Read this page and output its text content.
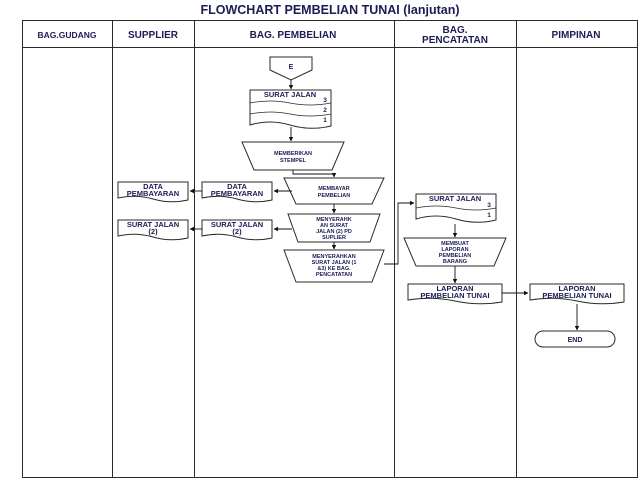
FLOWCHART PEMBELIAN TUNAI (lanjutan)
BAG.GUDANG	SUPPLIER	BAG. PEMBELIAN	BAG.
PENCATATAN	PIMPINAN
E
SURAT JALAN
3
2
1
MEMBERIKAN
STEMPEL
MEMBAYAR
PEMBELIAN
DATA
PEMBAYARAN
DATA
PEMBAYARAN
MENYERAHK
AN SURAT
JALAN (2) PD
SUPLIER
SURAT JALAN
(2)
SURAT JALAN
(2)
MENYERAHKAN
SURAT JALAN (1
&3) KE BAG.
PENCATATAN
SURAT JALAN
3
1
MEMBUAT
LAPORAN
PEMBELIAN
BARANG
LAPORAN
PEMBELIAN TUNAI
LAPORAN
PEMBELIAN TUNAI
END
